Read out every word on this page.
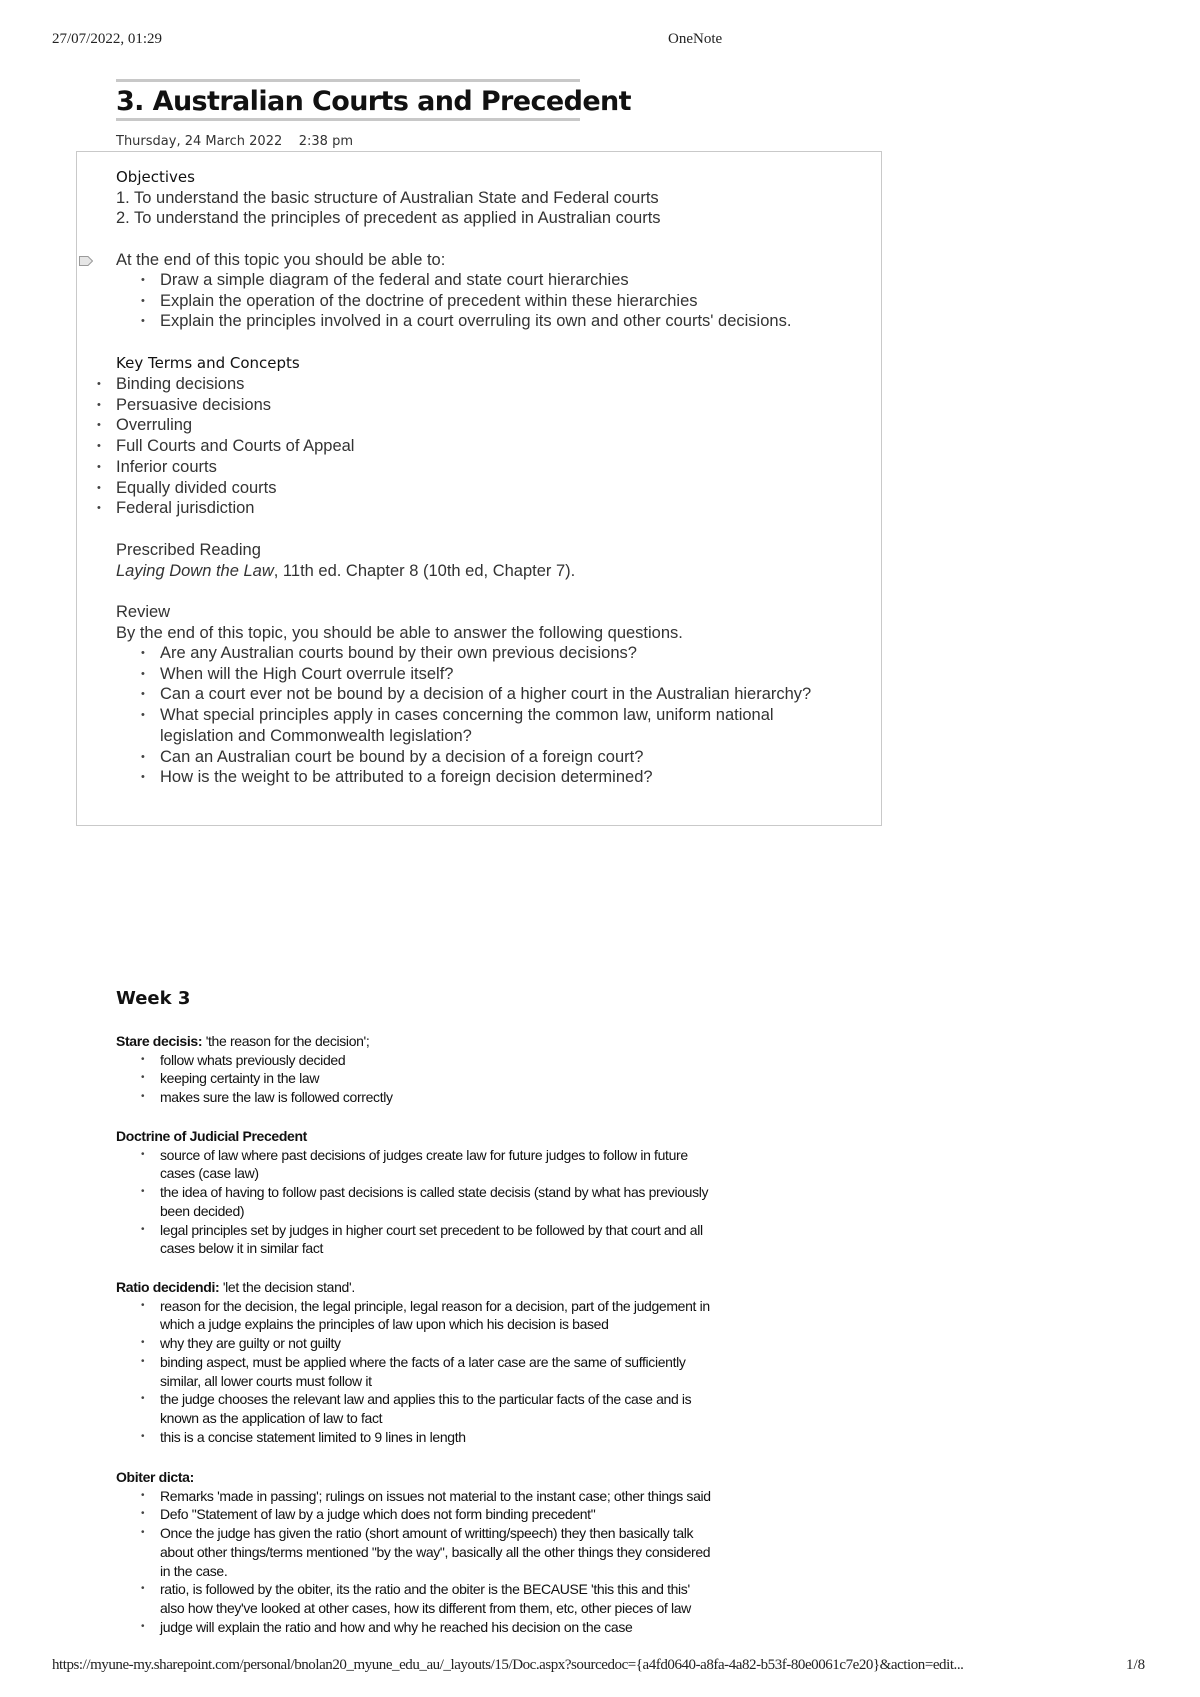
27/07/2022, 01:29	OneNote
3. Australian Courts and Precedent
Thursday, 24 March 2022    2:38 pm
Objectives
1. To understand the basic structure of Australian State and Federal courts
2. To understand the principles of precedent as applied in Australian courts
At the end of this topic you should be able to:
• Draw a simple diagram of the federal and state court hierarchies
• Explain the operation of the doctrine of precedent within these hierarchies
• Explain the principles involved in a court overruling its own and other courts' decisions.
Key Terms and Concepts
• Binding decisions
• Persuasive decisions
• Overruling
• Full Courts and Courts of Appeal
• Inferior courts
• Equally divided courts
• Federal jurisdiction
Prescribed Reading
Laying Down the Law, 11th ed. Chapter 8 (10th ed, Chapter 7).
Review
By the end of this topic, you should be able to answer the following questions.
• Are any Australian courts bound by their own previous decisions?
• When will the High Court overrule itself?
• Can a court ever not be bound by a decision of a higher court in the Australian hierarchy?
• What special principles apply in cases concerning the common law, uniform national
legislation and Commonwealth legislation?
• Can an Australian court be bound by a decision of a foreign court?
• How is the weight to be attributed to a foreign decision determined?
Week 3
Stare decisis: 'the reason for the decision';
• follow whats previously decided
• keeping certainty in the law
• makes sure the law is followed correctly
Doctrine of Judicial Precedent
• source of law where past decisions of judges create law for future judges to follow in future
cases (case law)
• the idea of having to follow past decisions is called state decisis (stand by what has previously
been decided)
• legal principles set by judges in higher court set precedent to be followed by that court and all
cases below it in similar fact
Ratio decidendi: 'let the decision stand'.
• reason for the decision, the legal principle, legal reason for a decision, part of the judgement in
which a judge explains the principles of law upon which his decision is based
• why they are guilty or not guilty
• binding aspect, must be applied where the facts of a later case are the same of sufficiently
similar, all lower courts must follow it
• the judge chooses the relevant law and applies this to the particular facts of the case and is
known as the application of law to fact
• this is a concise statement limited to 9 lines in length
Obiter dicta:
• Remarks 'made in passing'; rulings on issues not material to the instant case; other things said
• Defo "Statement of law by a judge which does not form binding precedent"
• Once the judge has given the ratio (short amount of writting/speech) they then basically talk
about other things/terms mentioned "by the way", basically all the other things they considered
in the case.
• ratio, is followed by the obiter, its the ratio and the obiter is the BECAUSE 'this this and this'
also how they've looked at other cases, how its different from them, etc, other pieces of law
• judge will explain the ratio and how and why he reached his decision on the case
https://myune-my.sharepoint.com/personal/bnolan20_myune_edu_au/_layouts/15/Doc.aspx?sourcedoc={a4fd0640-a8fa-4a82-b53f-80e0061c7e20}&action=edit...	1/8
